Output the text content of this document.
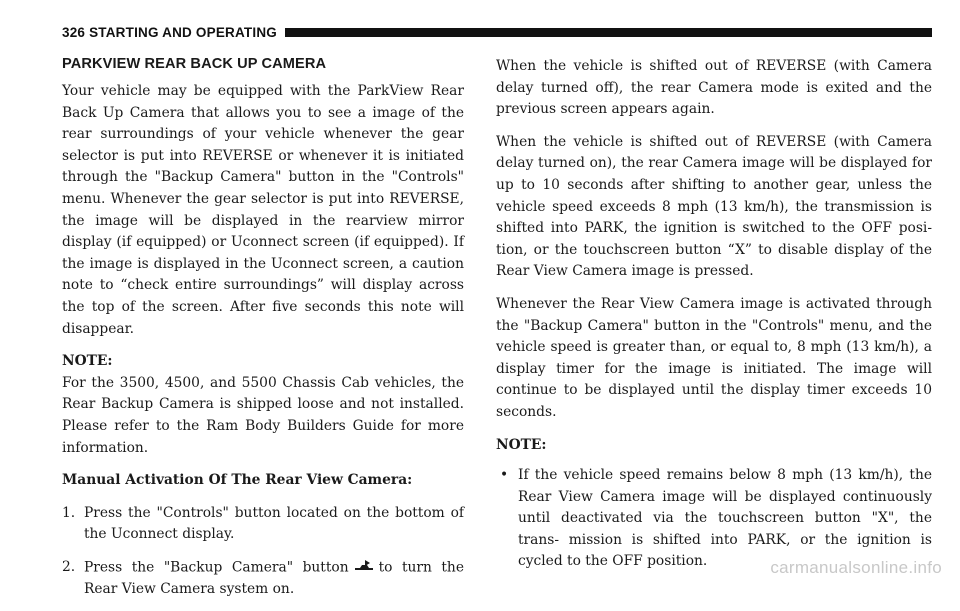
326 STARTING AND OPERATING
PARKVIEW REAR BACK UP CAMERA

Your vehicle may be equipped with the ParkView Rear Back Up Camera that allows you to see a image of the rear surroundings of your vehicle whenever the gear selector is put into REVERSE or whenever it is initiated through the "Backup Camera" button in the "Controls" menu. Whenever the gear selector is put into REVERSE, the image will be displayed in the rearview mirror display (if equipped) or Uconnect screen (if equipped). If the image is displayed in the Uconnect screen, a caution note to “check entire surroundings” will display across the top of the screen. After five seconds this note will disappear.

NOTE:

For the 3500, 4500, and 5500 Chassis Cab vehicles, the Rear Backup Camera is shipped loose and not installed. Please refer to the Ram Body Builders Guide for more information.

Manual Activation Of The Rear View Camera:

1. Press the "Controls" button located on the bottom of the Uconnect display.
2. Press the "Backup Camera" button to turn the Rear View Camera system on.

When the vehicle is shifted out of REVERSE (with Camera delay turned off), the rear Camera mode is exited and the previous screen appears again.

When the vehicle is shifted out of REVERSE (with Camera delay turned on), the rear Camera image will be displayed for up to 10 seconds after shifting to another gear, unless the vehicle speed exceeds 8 mph (13 km/h), the transmission is shifted into PARK, the ignition is switched to the OFF posi- tion, or the touchscreen button “X” to disable display of the Rear View Camera image is pressed.

Whenever the Rear View Camera image is activated through the "Backup Camera" button in the "Controls" menu, and the vehicle speed is greater than, or equal to, 8 mph (13 km/h), a display timer for the image is initiated. The image will continue to be displayed until the display timer exceeds 10 seconds.

NOTE:

• If the vehicle speed remains below 8 mph (13 km/h), the Rear View Camera image will be displayed continuously until deactivated via the touchscreen button "X", the trans- mission is shifted into PARK, or the ignition is cycled to the OFF position.	carmanualsonline.info
